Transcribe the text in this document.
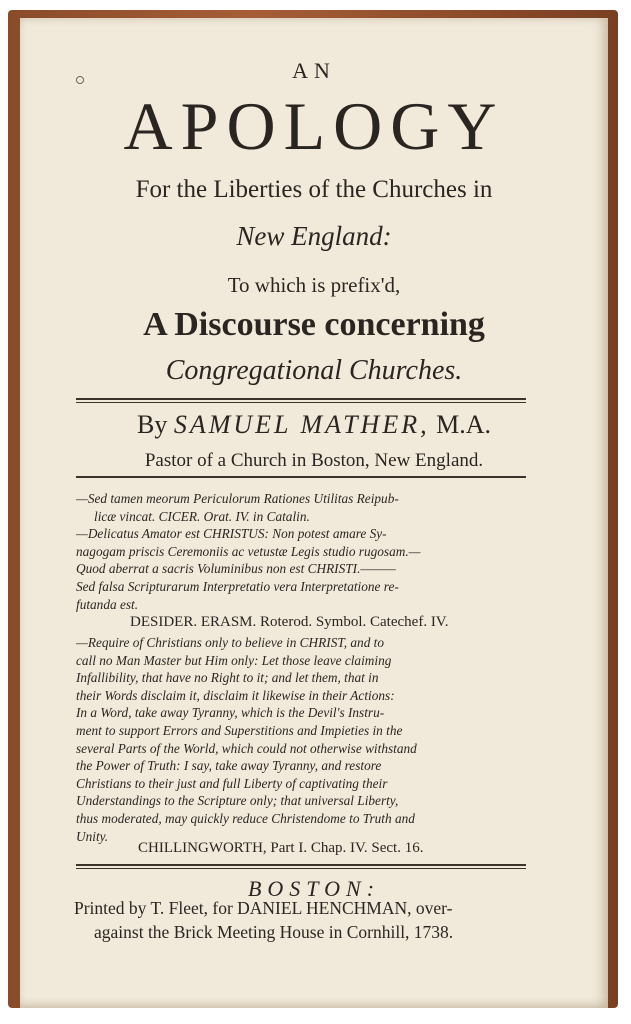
AN
APOLOGY
For the Liberties of the Churches in
New England:
To which is prefix'd,
A Discourse concerning
Congregational Churches.
By SAMUEL MATHER, M.A.
Pastor of a Church in Boston, New England.
—Sed tamen meorum Periculorum Rationes Utilitas Reipub-
licæ vincat. CICER. Orat. IV. in Catalin.
—Delicatus Amator est CHRISTUS: Non potest amare Sy-
nagogam priscis Ceremoniis ac vetustæ Legis studio rugosam.—
Quod aberrat a sacris Voluminibus non est CHRISTI.———
Sed falsa Scripturarum Interpretatio vera Interpretatione re-
futanda est.
DESIDER. ERASM. Roterod. Symbol. Catechef. IV.
—Require of Christians only to believe in CHRIST, and to
call no Man Master but Him only: Let those leave claiming
Infallibility, that have no Right to it; and let them, that in
their Words disclaim it, disclaim it likewise in their Actions:
In a Word, take away Tyranny, which is the Devil's Instru-
ment to support Errors and Superstitions and Impieties in the
several Parts of the World, which could not otherwise withstand
the Power of Truth: I say, take away Tyranny, and restore
Christians to their just and full Liberty of captivating their
Understandings to the Scripture only; that universal Liberty,
thus moderated, may quickly reduce Christendome to Truth and
Unity.
CHILLINGWORTH, Part I. Chap. IV. Sect. 16.
BOSTON:
Printed by T. Fleet, for DANIEL HENCHMAN, over-
against the Brick Meeting House in Cornhill, 1738.
